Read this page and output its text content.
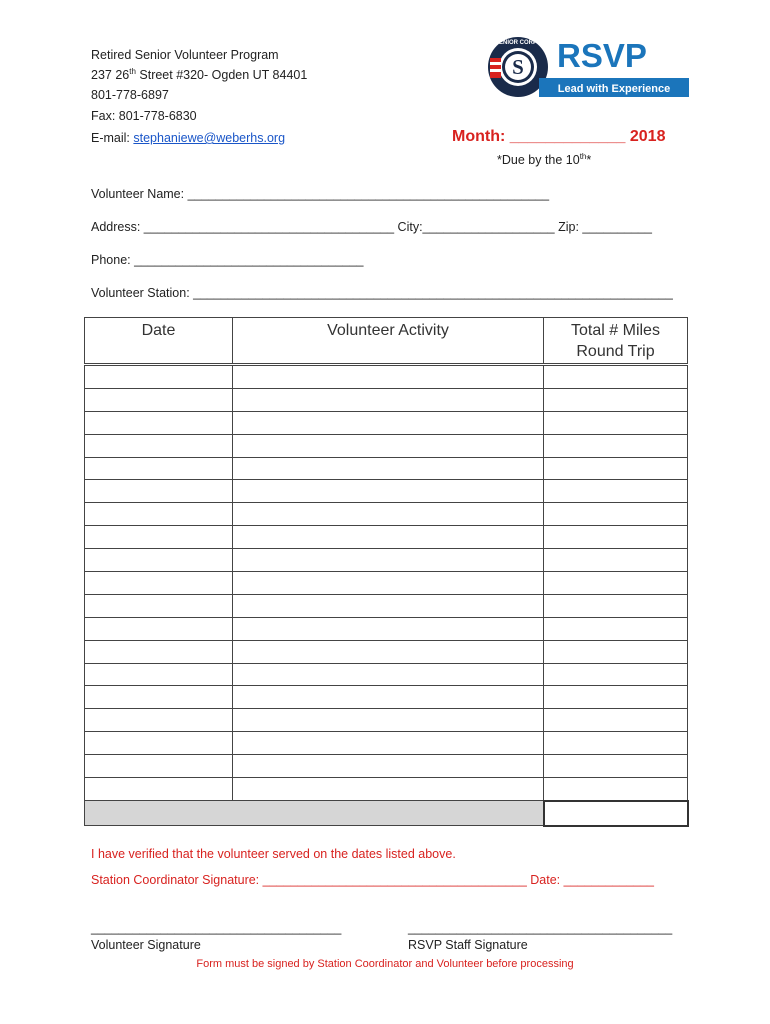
Retired Senior Volunteer Program
237 26th Street #320- Ogden UT 84401
801-778-6897
Fax: 801-778-6830
E-mail: stephaniewe@weberhs.org
S
SENIOR CORPS RSVP
Lead with Experience
Month: _____________ 2018
*Due by the 10th*
Volunteer Name: ____________________________________________________
Address: ____________________________________ City:___________________ Zip: __________
Phone: _________________________________
Volunteer Station: _____________________________________________________________________
Date	Volunteer Activity	Total # Miles Round Trip

I have verified that the volunteer served on the dates listed above.
Station Coordinator Signature: ______________________________________ Date: _____________
____________________________________
Volunteer Signature
______________________________________
RSVP Staff Signature
Form must be signed by Station Coordinator and Volunteer before processing
